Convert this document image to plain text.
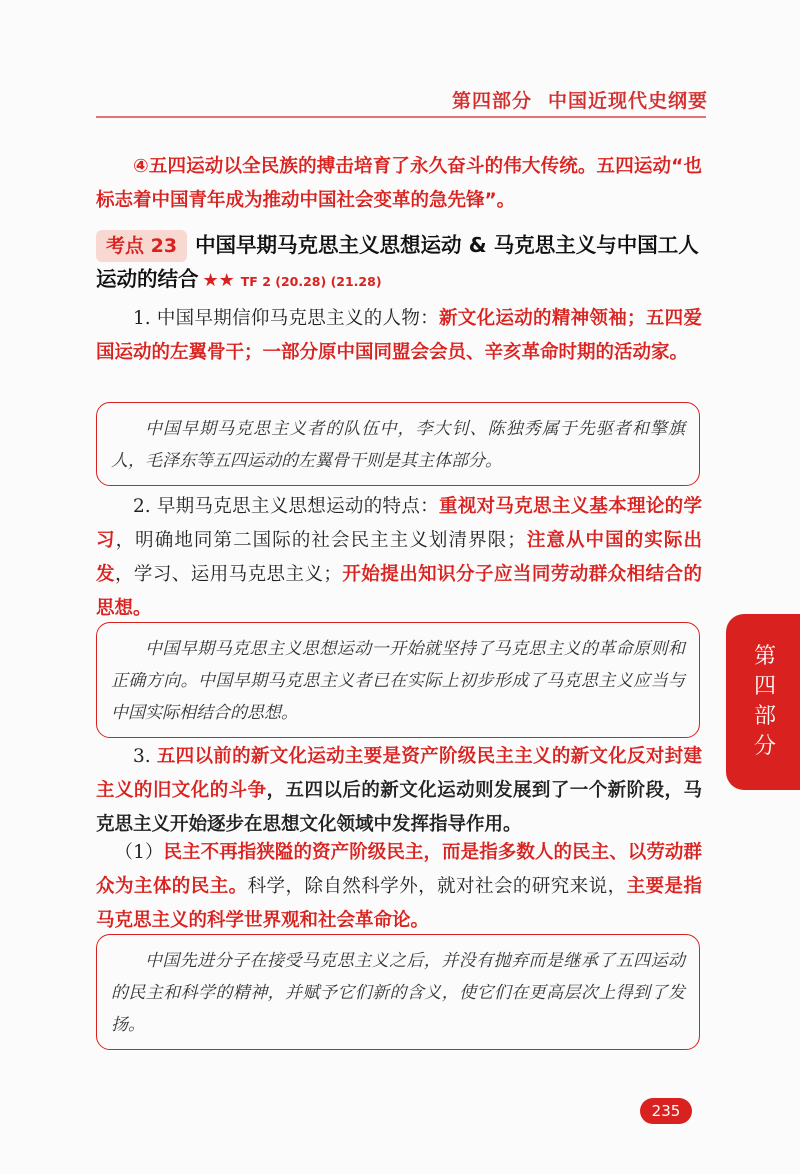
第四部分 中国近现代史纲要
④五四运动以全民族的搏击培育了永久奋斗的伟大传统。五四运动“也标志着中国青年成为推动中国社会变革的急先锋”。
考点 23 中国早期马克思主义思想运动 & 马克思主义与中国工人运动的结合 ★★ TF 2 (20.28) (21.28)
1. 中国早期信仰马克思主义的人物：新文化运动的精神领袖；五四爱国运动的左翼骨干；一部分原中国同盟会会员、辛亥革命时期的活动家。
中国早期马克思主义者的队伍中，李大钊、陈独秀属于先驱者和擎旗人，毛泽东等五四运动的左翼骨干则是其主体部分。
2. 早期马克思主义思想运动的特点：重视对马克思主义基本理论的学习，明确地同第二国际的社会民主主义划清界限；注意从中国的实际出发，学习、运用马克思主义；开始提出知识分子应当同劳动群众相结合的思想。
中国早期马克思主义思想运动一开始就坚持了马克思主义的革命原则和正确方向。中国早期马克思主义者已在实际上初步形成了马克思主义应当与中国实际相结合的思想。
3. 五四以前的新文化运动主要是资产阶级民主主义的新文化反对封建主义的旧文化的斗争，五四以后的新文化运动则发展到了一个新阶段，马克思主义开始逐步在思想文化领域中发挥指导作用。
（1）民主不再指狭隘的资产阶级民主，而是指多数人的民主、以劳动群众为主体的民主。科学，除自然科学外，就对社会的研究来说，主要是指马克思主义的科学世界观和社会革命论。
中国先进分子在接受马克思主义之后，并没有抛弃而是继承了五四运动的民主和科学的精神，并赋予它们新的含义，使它们在更高层次上得到了发扬。
第
四
部
分
235
